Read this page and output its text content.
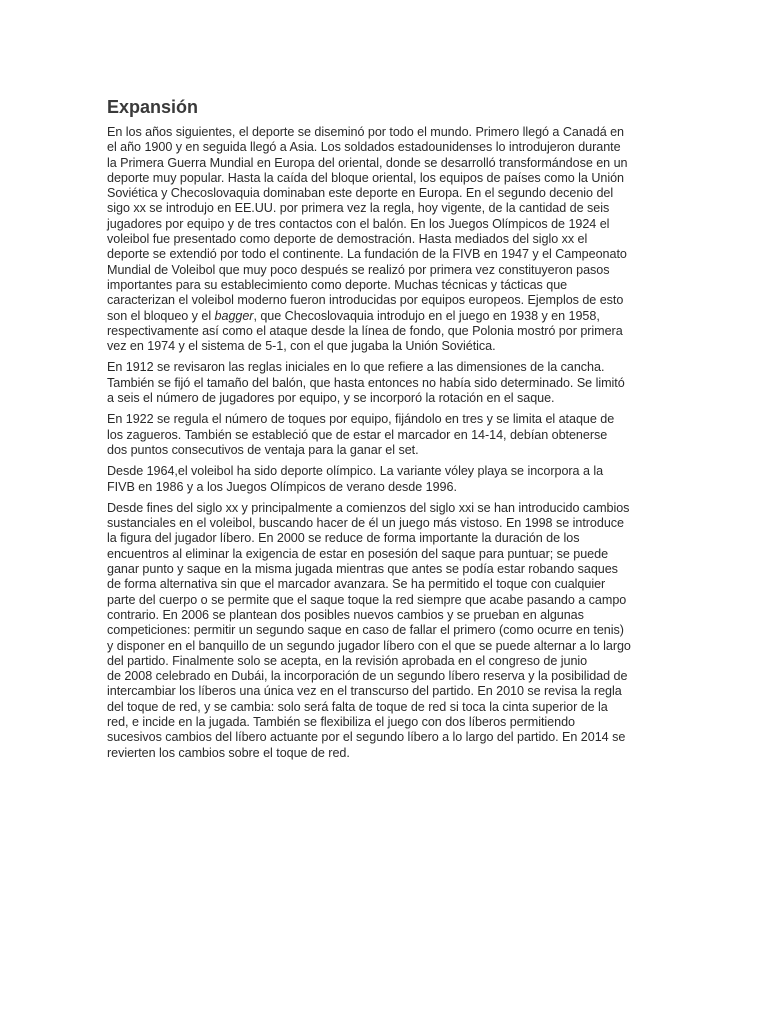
Expansión

En los años siguientes, el deporte se diseminó por todo el mundo. Primero llegó a Canadá en
el año 1900 y en seguida llegó a Asia. Los soldados estadounidenses lo introdujeron durante
la Primera Guerra Mundial en Europa del oriental, donde se desarrolló transformándose en un
deporte muy popular. Hasta la caída del bloque oriental, los equipos de países como la Unión
Soviética y Checoslovaquia dominaban este deporte en Europa. En el segundo decenio del
sigo xx se introdujo en EE.UU. por primera vez la regla, hoy vigente, de la cantidad de seis
jugadores por equipo y de tres contactos con el balón. En los Juegos Olímpicos de 1924 el
voleibol fue presentado como deporte de demostración. Hasta mediados del siglo xx el
deporte se extendió por todo el continente. La fundación de la FIVB en 1947 y el Campeonato
Mundial de Voleibol que muy poco después se realizó por primera vez constituyeron pasos
importantes para su establecimiento como deporte. Muchas técnicas y tácticas que
caracterizan el voleibol moderno fueron introducidas por equipos europeos. Ejemplos de esto
son el bloqueo y el bagger, que Checoslovaquia introdujo en el juego en 1938 y en 1958,
respectivamente así como el ataque desde la línea de fondo, que Polonia mostró por primera
vez en 1974 y el sistema de 5-1, con el que jugaba la Unión Soviética.

En 1912 se revisaron las reglas iniciales en lo que refiere a las dimensiones de la cancha.
También se fijó el tamaño del balón, que hasta entonces no había sido determinado. Se limitó
a seis el número de jugadores por equipo, y se incorporó la rotación en el saque.

En 1922 se regula el número de toques por equipo, fijándolo en tres y se limita el ataque de
los zagueros. También se estableció que de estar el marcador en 14-14, debían obtenerse
dos puntos consecutivos de ventaja para la ganar el set.

Desde 1964,el voleibol ha sido deporte olímpico. La variante vóley playa se incorpora a la
FIVB en 1986 y a los Juegos Olímpicos de verano desde 1996.

Desde fines del siglo xx y principalmente a comienzos del siglo xxi se han introducido cambios
sustanciales en el voleibol, buscando hacer de él un juego más vistoso. En 1998 se introduce
la figura del jugador líbero. En 2000 se reduce de forma importante la duración de los
encuentros al eliminar la exigencia de estar en posesión del saque para puntuar; se puede
ganar punto y saque en la misma jugada mientras que antes se podía estar robando saques
de forma alternativa sin que el marcador avanzara. Se ha permitido el toque con cualquier
parte del cuerpo o se permite que el saque toque la red siempre que acabe pasando a campo
contrario. En 2006 se plantean dos posibles nuevos cambios y se prueban en algunas
competiciones: permitir un segundo saque en caso de fallar el primero (como ocurre en tenis)
y disponer en el banquillo de un segundo jugador líbero con el que se puede alternar a lo largo
del partido. Finalmente solo se acepta, en la revisión aprobada en el congreso de junio
de 2008 celebrado en Dubái, la incorporación de un segundo líbero reserva y la posibilidad de
intercambiar los líberos una única vez en el transcurso del partido. En 2010 se revisa la regla
del toque de red, y se cambia: solo será falta de toque de red si toca la cinta superior de la
red, e incide en la jugada. También se flexibiliza el juego con dos líberos permitiendo
sucesivos cambios del líbero actuante por el segundo líbero a lo largo del partido. En 2014 se
revierten los cambios sobre el toque de red.
